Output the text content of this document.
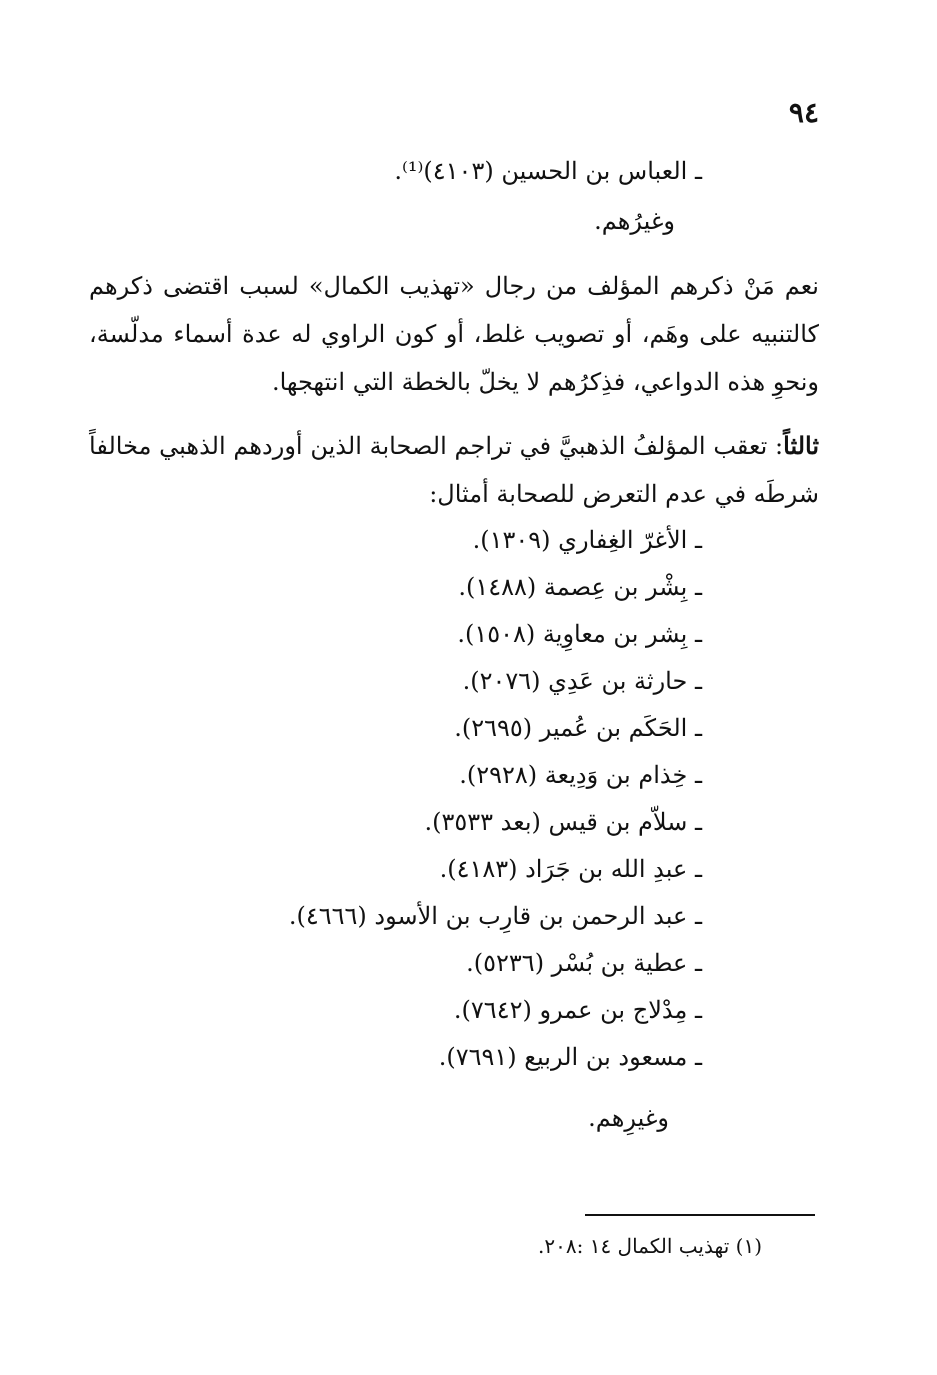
٩٤
ـ العباس بن الحسين (٤١٠٣)⁽¹⁾.
وغيرُهم.
نعم مَنْ ذكرهم المؤلف من رجال «تهذيب الكمال» لسبب اقتضى ذكرهم كالتنبيه على وهَم، أو تصويب غلط، أو كون الراوي له عدة أسماء مدلّسة، ونحوِ هذه الدواعي، فذِكرُهم لا يخلّ بالخطة التي انتهجها.
ثالثاً: تعقب المؤلفُ الذهبيَّ في تراجم الصحابة الذين أوردهم الذهبي مخالفاً شرطَه في عدم التعرض للصحابة أمثال:
ـ الأغرّ الغِفاري (١٣٠٩).
ـ بِشْر بن عِصمة (١٤٨٨).
ـ بِشر بن معاوِية (١٥٠٨).
ـ حارثة بن عَدِي (٢٠٧٦).
ـ الحَكَم بن عُمير (٢٦٩٥).
ـ خِذام بن وَدِيعة (٢٩٢٨).
ـ سلاّم بن قيس (بعد ٣٥٣٣).
ـ عبدِ الله بن جَرَاد (٤١٨٣).
ـ عبد الرحمن بن قارِب بن الأسود (٤٦٦٦).
ـ عطية بن بُسْر (٥٢٣٦).
ـ مِدْلاج بن عمرو (٧٦٤٢).
ـ مسعود بن الربيع (٧٦٩١).
وغيرِهم.
(١) تهذيب الكمال ١٤ :٢٠٨.
